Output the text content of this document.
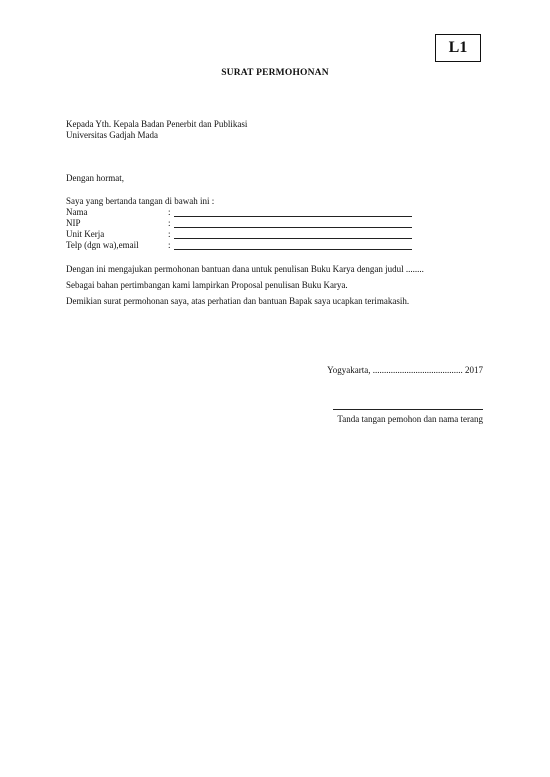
L1
SURAT PERMOHONAN
Kepada Yth. Kepala Badan Penerbit dan Publikasi
Universitas Gadjah Mada
Dengan hormat,
Saya yang bertanda tangan di bawah ini :
Nama	:
NIP	:
Unit Kerja	:
Telp (dgn wa),email	:
Dengan ini mengajukan permohonan bantuan dana untuk penulisan Buku Karya dengan judul ........
Sebagai bahan pertimbangan kami lampirkan Proposal penulisan Buku Karya.
Demikian surat permohonan saya, atas perhatian dan bantuan Bapak saya ucapkan terimakasih.
Yogyakarta, ........................................ 2017
Tanda tangan pemohon dan nama terang
